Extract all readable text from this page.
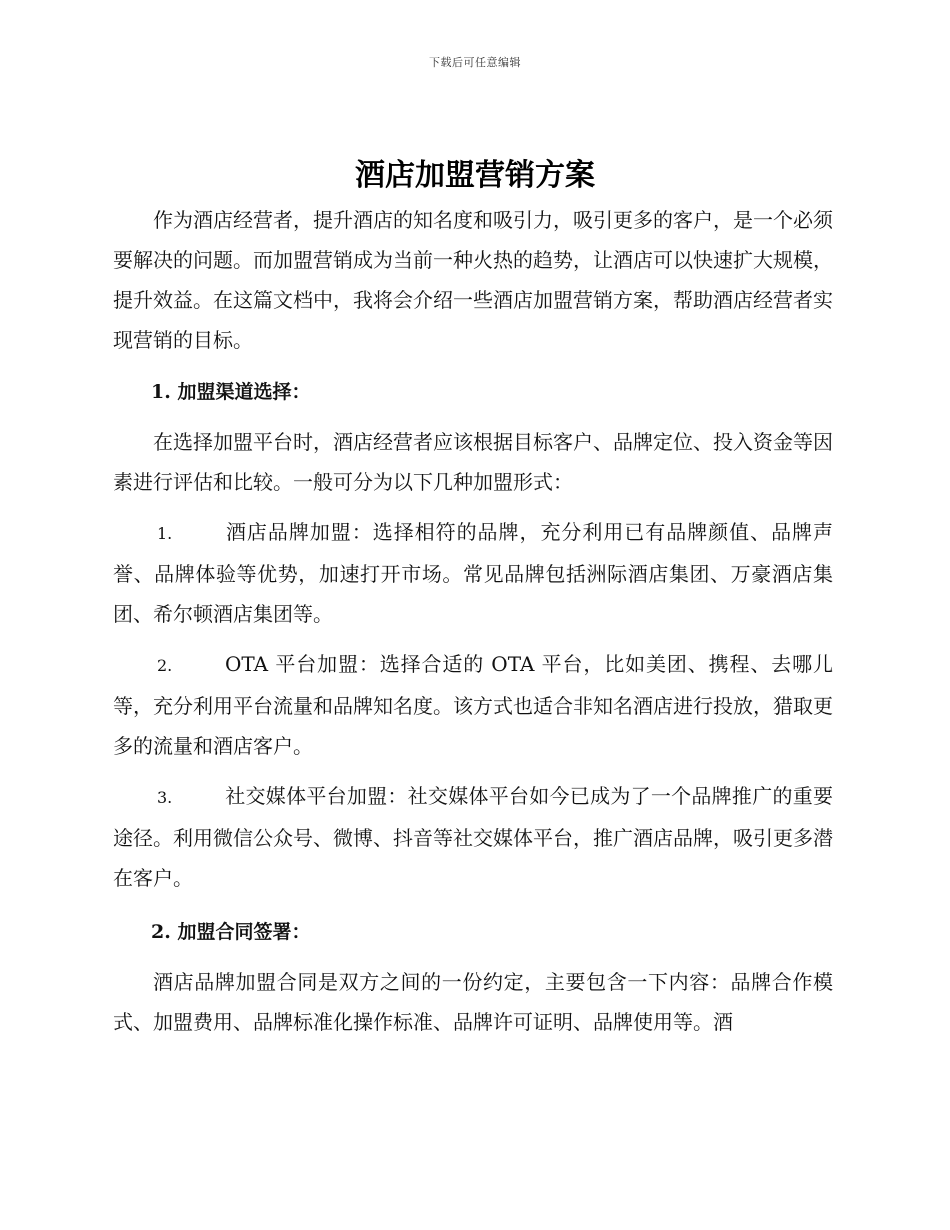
下载后可任意编辑
酒店加盟营销方案

作为酒店经营者，提升酒店的知名度和吸引力，吸引更多的客户，是一个必须要解决的问题。而加盟营销成为当前一种火热的趋势，让酒店可以快速扩大规模，提升效益。在这篇文档中，我将会介绍一些酒店加盟营销方案，帮助酒店经营者实现营销的目标。

1. 加盟渠道选择：

在选择加盟平台时，酒店经营者应该根据目标客户、品牌定位、投入资金等因素进行评估和比较。一般可分为以下几种加盟形式：

1.	酒店品牌加盟：选择相符的品牌，充分利用已有品牌颜值、品牌声誉、品牌体验等优势，加速打开市场。常见品牌包括洲际酒店集团、万豪酒店集团、希尔顿酒店集团等。

2.	OTA 平台加盟：选择合适的 OTA 平台，比如美团、携程、去哪儿等，充分利用平台流量和品牌知名度。该方式也适合非知名酒店进行投放，猎取更多的流量和酒店客户。

3.	社交媒体平台加盟：社交媒体平台如今已成为了一个品牌推广的重要途径。利用微信公众号、微博、抖音等社交媒体平台，推广酒店品牌，吸引更多潜在客户。

2. 加盟合同签署：

酒店品牌加盟合同是双方之间的一份约定，主要包含一下内容：品牌合作模式、加盟费用、品牌标准化操作标准、品牌许可证明、品牌使用等。酒
